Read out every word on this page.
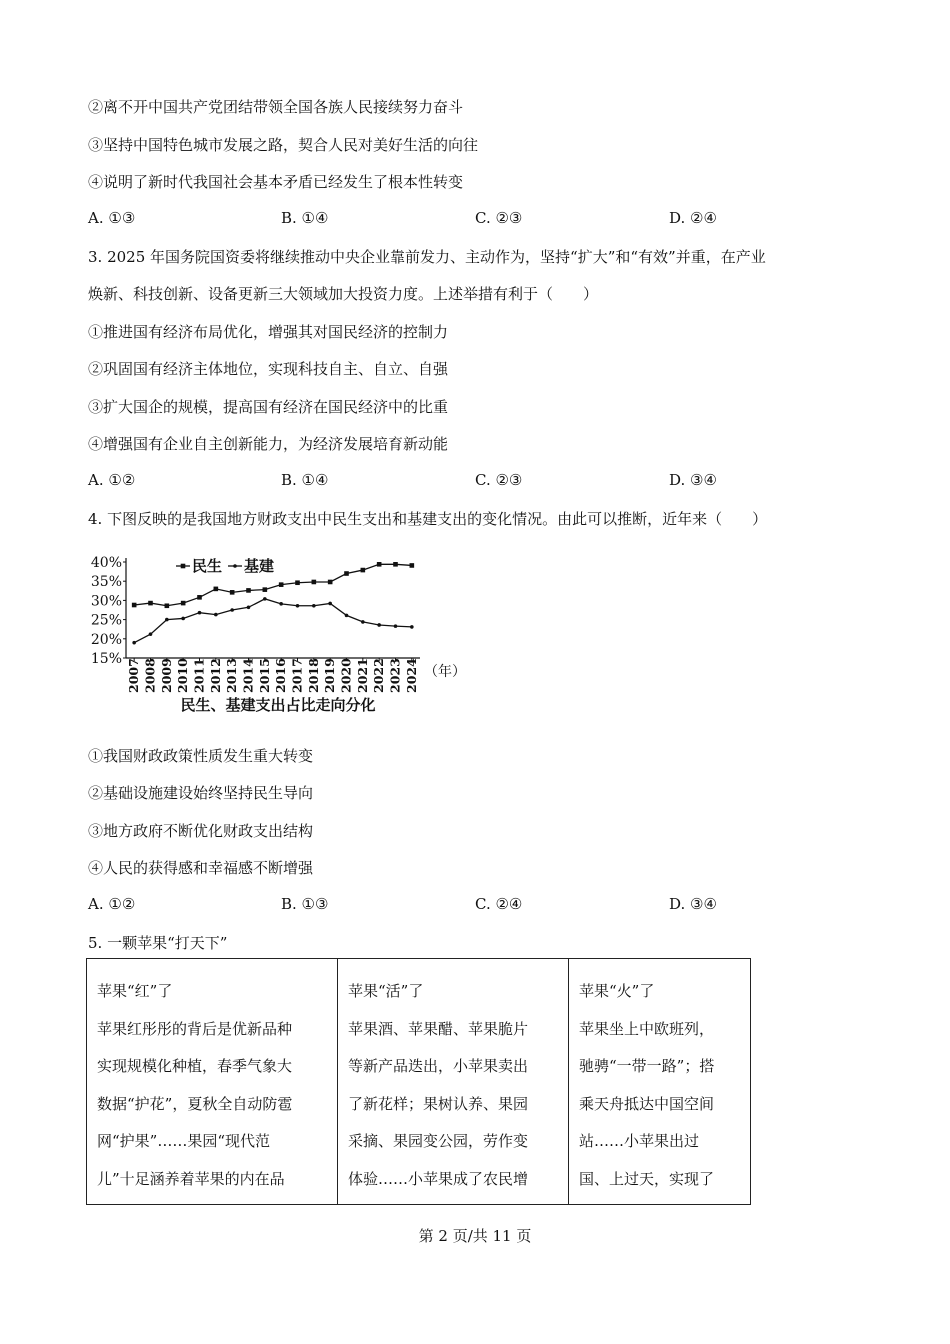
②离不开中国共产党团结带领全国各族人民接续努力奋斗
③坚持中国特色城市发展之路，契合人民对美好生活的向往
④说明了新时代我国社会基本矛盾已经发生了根本性转变
A. ①③	B. ①④	C. ②③	D. ②④
3. 2025 年国务院国资委将继续推动中央企业靠前发力、主动作为，坚持“扩大”和“有效”并重，在产业
焕新、科技创新、设备更新三大领域加大投资力度。上述举措有利于（　　）
①推进国有经济布局优化，增强其对国民经济的控制力
②巩固国有经济主体地位，实现科技自主、自立、自强
③扩大国企的规模，提高国有经济在国民经济中的比重
④增强国有企业自主创新能力，为经济发展培育新动能
A. ①②	B. ①④	C. ②③	D. ③④
4. 下图反映的是我国地方财政支出中民生支出和基建支出的变化情况。由此可以推断，近年来（　　）
民生 基建
15%
20%
25%
30%
35%
40%
2007 2008 2009 2010 2011 2012 2013 2014 2015 2016 2017 2018 2019 2020 2021 2022 2023 2024 （年）
民生、基建支出占比走向分化
①我国财政政策性质发生重大转变
②基础设施建设始终坚持民生导向
③地方政府不断优化财政支出结构
④人民的获得感和幸福感不断增强
A. ①②	B. ①③	C. ②④	D. ③④
5. 一颗苹果“打天下”
苹果“红”了
苹果红彤彤的背后是优新品种
实现规模化种植，春季气象大
数据“护花”，夏秋全自动防雹
网“护果”……果园“现代范
儿”十足涵养着苹果的内在品

苹果“活”了
苹果酒、苹果醋、苹果脆片
等新产品迭出，小苹果卖出
了新花样；果树认养、果园
采摘、果园变公园，劳作变
体验……小苹果成了农民增

苹果“火”了
苹果坐上中欧班列，
驰骋“一带一路”；搭
乘天舟抵达中国空间
站……小苹果出过
国、上过天，实现了
第 2 页/共 11 页
